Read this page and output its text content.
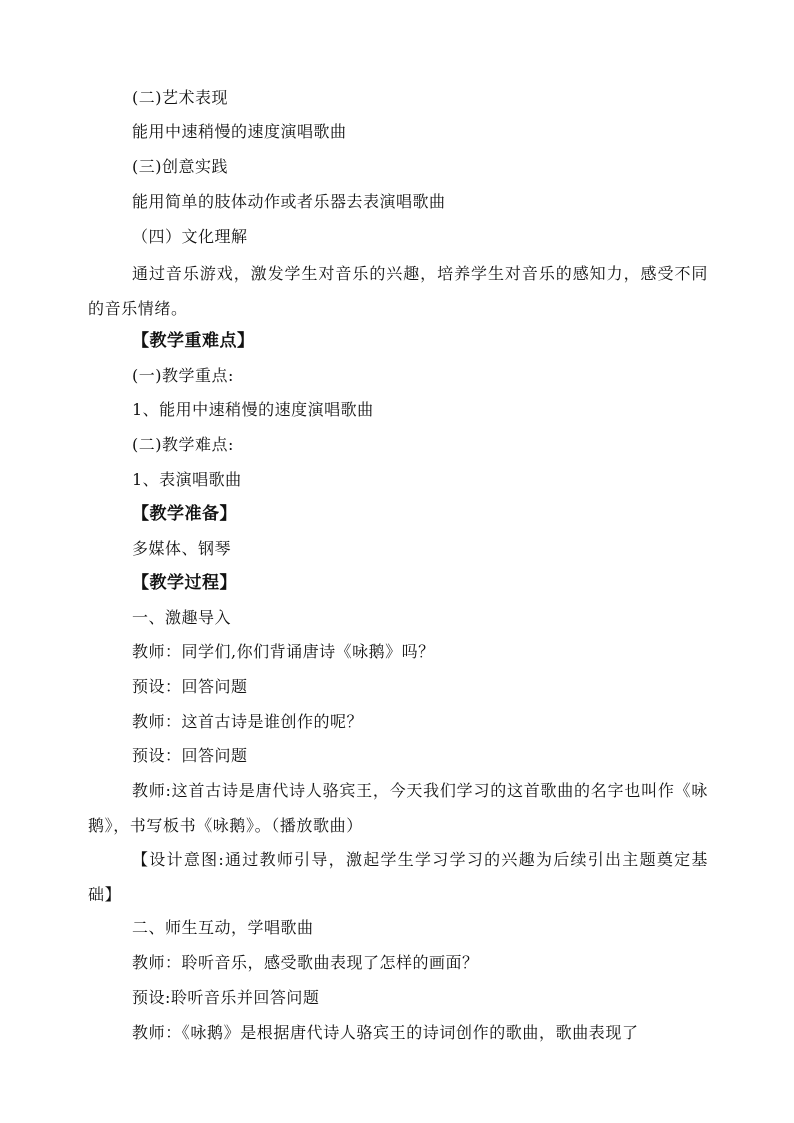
(二)艺术表现
能用中速稍慢的速度演唱歌曲
(三)创意实践
能用简单的肢体动作或者乐器去表演唱歌曲
（四）文化理解
通过音乐游戏，激发学生对音乐的兴趣，培养学生对音乐的感知力，感受不同的音乐情绪。
【教学重难点】
(一)教学重点:
1、能用中速稍慢的速度演唱歌曲
(二)教学难点:
1、表演唱歌曲
【教学准备】
多媒体、钢琴
【教学过程】
一、激趣导入
教师：同学们,你们背诵唐诗《咏鹅》吗？
预设：回答问题
教师：这首古诗是谁创作的呢？
预设：回答问题
教师:这首古诗是唐代诗人骆宾王，今天我们学习的这首歌曲的名字也叫作《咏鹅》，书写板书《咏鹅》。（播放歌曲）
【设计意图:通过教师引导，激起学生学习学习的兴趣为后续引出主题奠定基础】
二、师生互动，学唱歌曲
教师：聆听音乐，感受歌曲表现了怎样的画面？
预设:聆听音乐并回答问题
教师：《咏鹅》是根据唐代诗人骆宾王的诗词创作的歌曲，歌曲表现了
